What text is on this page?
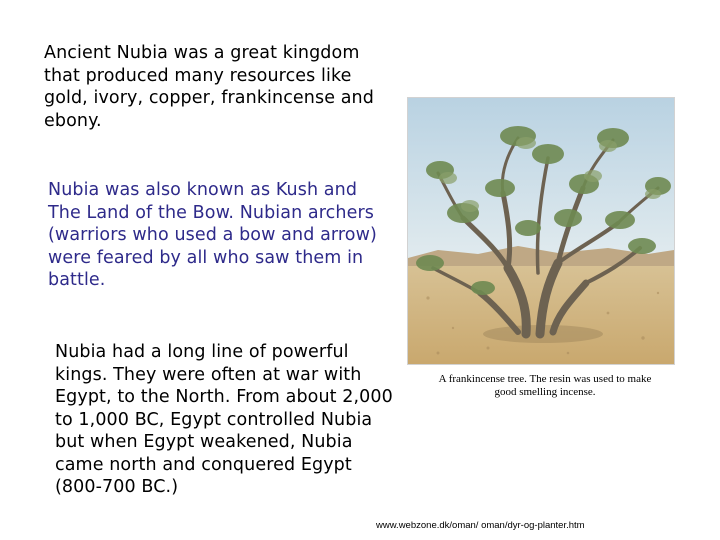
Ancient Nubia was a great kingdom that produced many resources like gold, ivory, copper, frankincense and ebony.

Nubia was also known as Kush and The Land of the Bow. Nubian archers (warriors who used a bow and arrow) were feared by all who saw them in battle.

Nubia had a long line of powerful kings. They were often at war with Egypt, to the North. From about 2,000 to 1,000 BC, Egypt controlled Nubia but when Egypt weakened, Nubia came north and conquered Egypt (800-700 BC.)

A frankincense tree. The resin was used to make good smelling incense.
www.webzone.dk/oman/ oman/dyr-og-planter.htm
